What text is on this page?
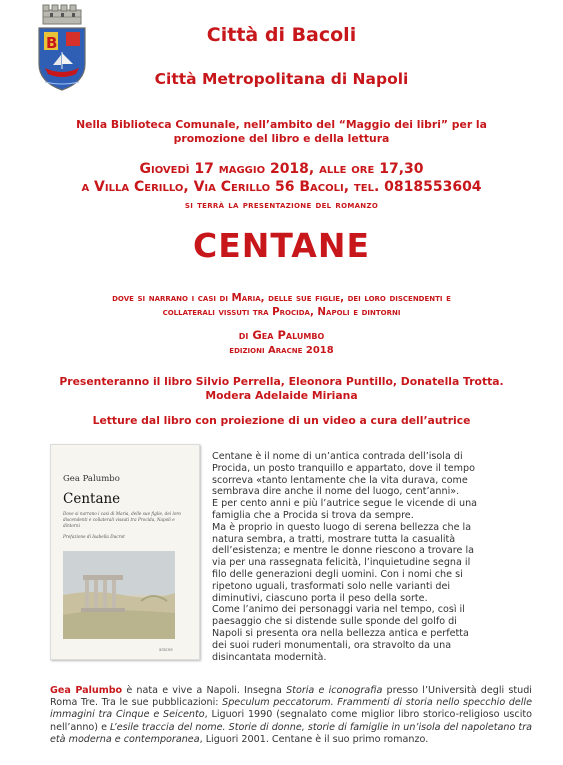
B	Città di Bacoli
Città Metropolitana di Napoli
Nella Biblioteca Comunale, nell’ambito del “Maggio dei libri” per la
promozione del libro e della lettura
Giovedì 17 maggio 2018, alle ore 17,30
a Villa Cerillo, Via Cerillo 56 Bacoli, tel. 0818553604
si terrà la presentazione del romanzo
CENTANE
dove si narrano i casi di Maria, delle sue figlie, dei loro discendenti e
collaterali vissuti tra Procida, Napoli e dintorni
di Gea Palumbo
edizioni Aracne 2018
Presenteranno il libro Silvio Perrella, Eleonora Puntillo, Donatella Trotta.
Modera Adelaide Miriana
Letture dal libro con proiezione di un video a cura dell’autrice
Gea Palumbo
Centane
Dove si narrano i casi di Maria, delle sue figlie, dei loro discendenti e collaterali vissuti tra Procida, Napoli e dintorni
Prefazione di Isabella Ducrot
aracne

Centane è il nome di un’antica contrada dell’isola di

Procida, un posto tranquillo e appartato, dove il tempo

scorreva «tanto lentamente che la vita durava, come

sembrava dire anche il nome del luogo, cent’anni».

E per cento anni e più l’autrice segue le vicende di una

famiglia che a Procida si trova da sempre.

Ma è proprio in questo luogo di serena bellezza che la

natura sembra, a tratti, mostrare tutta la casualità

dell’esistenza; e mentre le donne riescono a trovare la

via per una rassegnata felicità, l’inquietudine segna il

filo delle generazioni degli uomini. Con i nomi che si

ripetono uguali, trasformati solo nelle varianti dei

diminutivi, ciascuno porta il peso della sorte.

Come l’animo dei personaggi varia nel tempo, così il

paesaggio che si distende sulle sponde del golfo di

Napoli si presenta ora nella bellezza antica e perfetta

dei suoi ruderi monumentali, ora stravolto da una

disincantata modernità.

Gea Palumbo è nata e vive a Napoli. Insegna Storia e iconografia presso l’Università degli studi Roma Tre. Tra le sue pubblicazioni: Speculum peccatorum. Frammenti di storia nello specchio delle immagini tra Cinque e Seicento, Liguori 1990 (segnalato come miglior libro storico-religioso uscito nell’anno) e L’esile traccia del nome. Storie di donne, storie di famiglie in un’isola del napoletano tra età moderna e contemporanea, Liguori 2001. Centane è il suo primo romanzo.
